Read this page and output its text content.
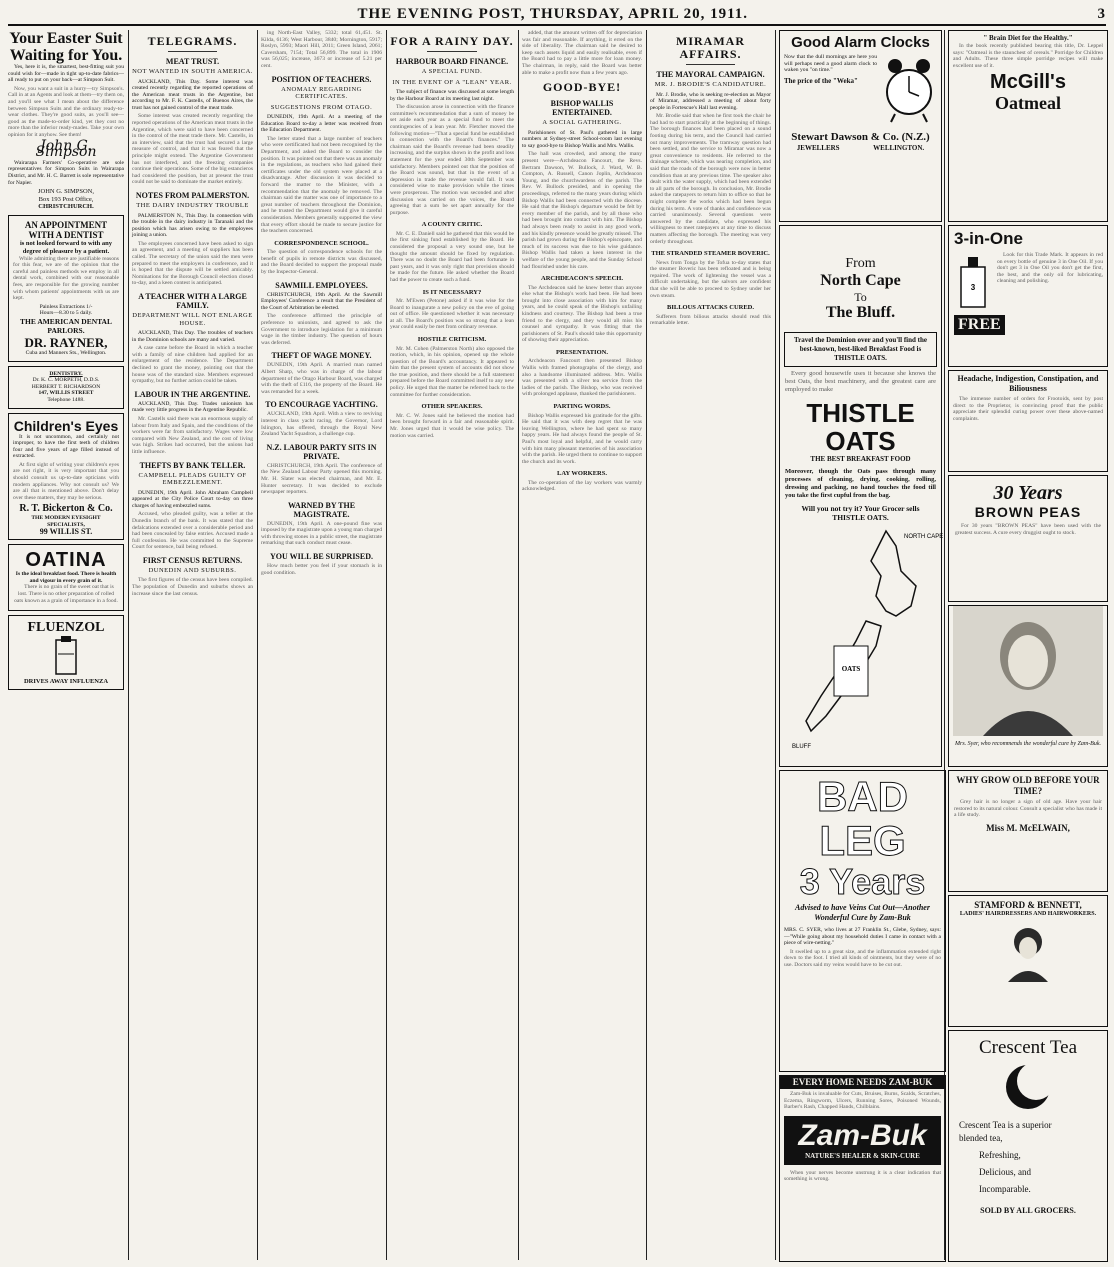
THE EVENING POST, THURSDAY, APRIL 20, 1911.	3
Your Easter Suit
Waiting for You.

Yes, here it is, the smartest, best-fitting suit you could wish for—made in tight up-to-date fabrics—all ready to put on your back—at Simpson Suit.

Now, you want a suit in a hurry—try Simpson's. Call in at an Agents and look at them—try them on, and you'll see what I mean about the difference between Simpson Suits and the ordinary ready-to-wear clothes. They're good suits, as you'll see—good as the made-to-order kind, yet they cost no more than the inferior ready-mades. Take your own opinion for it anyhow. See them!

John G. Simpson

Wairarapa Farmers' Co-operative are sole representatives for Simpson Suits in Wairarapa District, and Mr. H. C. Barrett is sole representative for Napier.

JOHN G. SIMPSON,
Box 193 Post Office,
CHRISTCHURCH.
AN APPOINTMENT WITH A DENTIST
is not looked forward to with any degree of pleasure by a patient.

While admitting there are justifiable reasons for this fear, we are of the opinion that the careful and painless methods we employ in all dental work, combined with our reasonable fees, are responsible for the growing number with whom patients' appointments with us are kept.

Painless Extractions 1/-
Hours—8.30 to 5 daily.
THE AMERICAN DENTAL PARLORS.
DR. RAYNER,
Cuba and Manners Sts., Wellington.
DENTISTRY.
Dr. K. C. MORPETH, D.D.S.
HERBERT T. RICHARDSON
147, WILLIS STREET
Telephone 1488.
Children's Eyes

It is not uncommon, and certainly not improper, to have the first teeth of children four and five years of age filled instead of extracted.

At first sight of writing your children's eyes are not right, it is very important that you should consult us up-to-date opticians with modern appliances. Why not consult us? We are all that is mentioned above. Don't delay over these matters, they may be serious.

R. T. Bickerton & Co.
THE MODERN EYESIGHT SPECIALISTS,
99 WILLIS ST.
OATINA
Is the ideal breakfast food. There is health and vigour in every grain of it.

There is no grain of the sweet oat that is lost. There is no other preparation of rolled oats known as a grain of importance in a food.

FLUENZOL
DRIVES AWAY INFLUENZA
TELEGRAMS.
MEAT TRUST.
NOT WANTED IN SOUTH AMERICA.

AUCKLAND, This Day. Some interest was created recently regarding the reported operations of the American meat trusts in the Argentine, but according to Mr. F. K. Castells, of Buenos Aires, the trust has not gained control of the meat trade.

Some interest was created recently regarding the reported operations of the American meat trusts in the Argentine, which were said to have been concerned in the control of the meat trade there. Mr. Castells, in an interview, said that the trust had secured a large measure of control, and that it was feared that the principle might extend. The Argentine Government has not interfered, and the freezing companies continue their operations. Some of the big estancieros had considered the position, but at present the trust could not be said to dominate the market entirely.

NOTES FROM PALMERSTON.
THE DAIRY INDUSTRY TROUBLE

PALMERSTON N., This Day. In connection with the trouble in the dairy industry in Taranaki and the position which has arisen owing to the employees joining a union.

The employees concerned have been asked to sign an agreement, and a meeting of suppliers has been called. The secretary of the union said the men were prepared to meet the employers in conference, and it is hoped that the dispute will be settled amicably. Nominations for the Borough Council election closed to-day, and a keen contest is anticipated.

A TEACHER WITH A LARGE FAMILY.
DEPARTMENT WILL NOT ENLARGE HOUSE.

AUCKLAND, This Day. The troubles of teachers in the Dominion schools are many and varied.

A case came before the Board in which a teacher with a family of nine children had applied for an enlargement of the residence. The Department declined to grant the money, pointing out that the house was of the standard size. Members expressed sympathy, but no further action could be taken.

LABOUR IN THE ARGENTINE.

AUCKLAND, This Day. Trades unionism has made very little progress in the Argentine Republic.

Mr. Castells said there was an enormous supply of labour from Italy and Spain, and the conditions of the workers were far from satisfactory. Wages were low compared with New Zealand, and the cost of living was high. Strikes had occurred, but the unions had little influence.

THEFTS BY BANK TELLER.
CAMPBELL PLEADS GUILTY OF EMBEZZLEMENT.

DUNEDIN, 19th April. John Abraham Campbell appeared at the City Police Court to-day on three charges of having embezzled sums.

Accused, who pleaded guilty, was a teller at the Dunedin branch of the bank. It was stated that the defalcations extended over a considerable period and had been concealed by false entries. Accused made a full confession. He was committed to the Supreme Court for sentence, bail being refused.

FIRST CENSUS RETURNS.
DUNEDIN AND SUBURBS.

The first figures of the census have been compiled. The population of Dunedin and suburbs shows an increase since the last census.

ing North-East Valley, 5332; total 61,451. St. Kilda, 6136; West Harbour, 3840; Mornington, 5917; Roslyn, 5993; Maori Hill, 2011; Green Island, 2061; Caversham, 7154; Total 56,899. The total in 1906 was 56,025; increase, 3673 or increase of 5.21 per cent.

POSITION OF TEACHERS.
ANOMALY REGARDING CERTIFICATES.
SUGGESTIONS FROM OTAGO.

DUNEDIN, 19th April. At a meeting of the Education Board to-day a letter was received from the Education Department.

The letter stated that a large number of teachers who were certificated had not been recognised by the Department, and asked the Board to consider the position. It was pointed out that there was an anomaly in the regulations, as teachers who had gained their certificates under the old system were placed at a disadvantage. After discussion it was decided to forward the matter to the Minister, with a recommendation that the anomaly be removed. The chairman said the matter was one of importance to a great number of teachers throughout the Dominion, and he trusted the Department would give it careful consideration. Members generally supported the view that every effort should be made to secure justice for the teachers concerned.

CORRESPONDENCE SCHOOL.

The question of correspondence schools for the benefit of pupils in remote districts was discussed, and the Board decided to support the proposal made by the Inspector-General.

SAWMILL EMPLOYEES.

CHRISTCHURCH, 19th April. At the Sawmill Employees' Conference a result that the President of the Court of Arbitration be elected.

The conference affirmed the principle of preference to unionists, and agreed to ask the Government to introduce legislation for a minimum wage in the timber industry. The question of hours was deferred.

THEFT OF WAGE MONEY.

DUNEDIN, 19th April. A married man named Albert Sharp, who was in charge of the labour department of the Otago Harbour Board, was charged with the theft of £116, the property of the Board. He was remanded for a week.

TO ENCOURAGE YACHTING.

AUCKLAND, 19th April. With a view to reviving interest in class yacht racing, the Governor, Lord Islington, has offered, through the Royal New Zealand Yacht Squadron, a challenge cup.

N.Z. LABOUR PARTY SITS IN PRIVATE.

CHRISTCHURCH, 19th April. The conference of the New Zealand Labour Party opened this morning. Mr. H. Slater was elected chairman, and Mr. E. Hunter secretary. It was decided to exclude newspaper reporters.

WARNED BY THE MAGISTRATE.

DUNEDIN, 19th April. A one-pound fine was imposed by the magistrate upon a young man charged with throwing stones in a public street, the magistrate remarking that such conduct must cease.

YOU WILL BE SURPRISED.

How much better you feel if your stomach is in good condition.

FOR A RAINY DAY.
HARBOUR BOARD FINANCE.
A SPECIAL FUND.
IN THE EVENT OF A "LEAN" YEAR.

The subject of finance was discussed at some length by the Harbour Board at its meeting last night.

The discussion arose in connection with the finance committee's recommendation that a sum of money be set aside each year as a special fund to meet the contingencies of a lean year. Mr. Fletcher moved the following motion—"That a special fund be established in connection with the Board's finances." The chairman said the Board's revenue had been steadily increasing, and the surplus shown in the profit and loss statement for the year ended 30th September was satisfactory. Members pointed out that the position of the Board was sound, but that in the event of a depression in trade the revenue would fall. It was considered wise to make provision while the times were prosperous. The motion was seconded and after discussion was carried on the voices, the Board agreeing that a sum be set apart annually for the purpose.

A COUNTY CRITIC.

Mr. C. E. Daniell said he gathered that this would be the first sinking fund established by the Board. He considered the proposal a very sound one, but he thought the amount should be fixed by regulation. There was no doubt the Board had been fortunate in past years, and it was only right that provision should be made for the future. He asked whether the Board had the power to create such a fund.

IS IT NECESSARY?

Mr. M'Ewen (Petone) asked if it was wise for the Board to inaugurate a new policy on the eve of going out of office. He questioned whether it was necessary at all. The Board's position was so strong that a lean year could easily be met from ordinary revenue.

HOSTILE CRITICISM.

Mr. M. Cohen (Palmerston North) also opposed the motion, which, in his opinion, opened up the whole question of the Board's accountancy. It appeared to him that the present system of accounts did not show the true position, and there should be a full statement prepared before the Board committed itself to any new policy. He urged that the matter be referred back to the committee for further consideration.

OTHER SPEAKERS.

Mr. C. W. Jones said he believed the motion had been brought forward in a fair and reasonable spirit. Mr. Jones urged that it would be wise policy. The motion was carried.

added, that the amount written off for depreciation was fair and reasonable. If anything, it erred on the side of liberality. The chairman said he desired to keep such assets liquid and easily realisable, even if the Board had to pay a little more for loan money. The chairman, in reply, said the Board was better able to make a profit now than a few years ago.

GOOD-BYE!
BISHOP WALLIS ENTERTAINED.
A SOCIAL GATHERING.

Parishioners of St. Paul's gathered in large numbers at Sydney-street School-room last evening to say good-bye to Bishop Wallis and Mrs. Wallis.

The hall was crowded, and among the many present were—Archdeacon Fancourt, the Revs. Bertram Dawson, W. Bullock, J. Ward, W. B. Compton, A. Russell, Canon Joplin, Archdeacon Young, and the churchwardens of the parish. The Rev. W. Bullock presided, and in opening the proceedings, referred to the many years during which Bishop Wallis had been connected with the diocese. He said that the Bishop's departure would be felt by every member of the parish, and by all those who had been brought into contact with him. The Bishop had always been ready to assist in any good work, and his kindly presence would be greatly missed. The parish had grown during the Bishop's episcopate, and much of its success was due to his wise guidance. Bishop Wallis had taken a keen interest in the welfare of the young people, and the Sunday School had flourished under his care.

ARCHDEACON'S SPEECH.

The Archdeacon said he knew better than anyone else what the Bishop's work had been. He had been brought into close association with him for many years, and he could speak of the Bishop's unfailing kindness and courtesy. The Bishop had been a true friend to the clergy, and they would all miss his counsel and sympathy. It was fitting that the parishioners of St. Paul's should take this opportunity of showing their appreciation.

PRESENTATION.

Archdeacon Fancourt then presented Bishop Wallis with framed photographs of the clergy, and also a handsome illuminated address. Mrs. Wallis was presented with a silver tea service from the ladies of the parish. The Bishop, who was received with prolonged applause, thanked the parishioners.

PARTING WORDS.

Bishop Wallis expressed his gratitude for the gifts. He said that it was with deep regret that he was leaving Wellington, where he had spent so many happy years. He had always found the people of St. Paul's most loyal and helpful, and he would carry with him many pleasant memories of his association with the parish. He urged them to continue to support the church and its work.

LAY WORKERS.

The co-operation of the lay workers was warmly acknowledged.

MIRAMAR AFFAIRS.
THE MAYORAL CAMPAIGN.
MR. J. BRODIE'S CANDIDATURE.

Mr. J. Brodie, who is seeking re-election as Mayor of Miramar, addressed a meeting of about forty people in Fortescue's Hall last evening.

Mr. Brodie said that when he first took the chair he had had to start practically at the beginning of things. The borough finances had been placed on a sound footing during his term, and the Council had carried out many improvements. The tramway question had been settled, and the service to Miramar was now a great convenience to residents. He referred to the drainage scheme, which was nearing completion, and said that the roads of the borough were now in better condition than at any previous time. The speaker also dealt with the water supply, which had been extended to all parts of the borough. In conclusion, Mr. Brodie asked the ratepayers to return him to office so that he might complete the works which had been begun during his term. A vote of thanks and confidence was carried unanimously. Several questions were answered by the candidate, who expressed his willingness to meet ratepayers at any time to discuss matters affecting the borough. The meeting was very orderly throughout.

THE STRANDED STEAMER BOVERIC.

News from Tonga by the Tofua to-day states that the steamer Boveric has been refloated and is being repaired. The work of lightening the vessel was a difficult undertaking, but the salvors are confident that she will be able to proceed to Sydney under her own steam.

BILLOUS ATTACKS CURED.

Sufferers from bilious attacks should read this remarkable letter.

Good Alarm Clocks
Now that the dull mornings are here you will perhaps need a good alarm clock to waken you "on time."
The price of the "Weka"
Stewart Dawson & Co. (N.Z.)
JEWELLERS	WELLINGTON.
" Brain Diet for the Healthy."

In the book recently published bearing this title, Dr. Leppel says: "Oatmeal is the staunchest of cereals." Porridge for Children and Adults. These three simple porridge recipes will make excellent use of it.

McGill's
Oatmeal
From
North Cape
To
The Bluff.
Travel the Dominion over and you'll find the best-known, best-liked Breakfast Food is THISTLE OATS.

Every good housewife uses it because she knows the best Oats, the best machinery, and the greatest care are employed to make

THISTLE OATS
THE BEST BREAKFAST FOOD
Moreover, though the Oats pass through many processes of cleaning, drying, cooking, rolling, dressing and packing, no hand touches the food till you take the first cupful from the bag.
Will you not try it? Your Grocer sells THISTLE OATS.
OATS
NORTH CAPE
BLUFF
3-in-One
3

Look for this Trade Mark. It appears in red on every bottle of genuine 3 in One Oil. If you don't get 3 in One Oil you don't get the first, the best, and the only oil for lubricating, cleaning and polishing.

FREE
Headache, Indigestion, Constipation, and Biliousness

The immense number of orders for Frootoids, sent by post direct to the Proprietor, is convincing proof that the public appreciate their splendid curing power over these above-named complaints.

30 Years
BROWN PEAS

For 30 years "BROWN PEAS" have been used with the greatest success. A cure every druggist ought to stock.

BAD LEG
3 Years
Advised to have Veins Cut Out—Another Wonderful Cure by Zam-Buk
MRS. C. SYER, who lives at 27 Franklin St., Glebe, Sydney, says:—"While going about my household duties I came in contact with a piece of wire-netting."

It swelled up to a great size, and the inflammation extended right down to the foot. I tried all kinds of ointments, but they were of no use. Doctors said my veins would have to be cut out.

Mrs. Syer, who recommends the wonderful cure by Zam-Buk.
WHY GROW OLD BEFORE YOUR TIME?

Grey hair is no longer a sign of old age. Have your hair restored to its natural colour. Consult a specialist who has made it a life study.

Miss M. McELWAIN,
STAMFORD & BENNETT,
LADIES' HAIRDRESSERS AND HAIRWORKERS.
EVERY HOME NEEDS ZAM-BUK

Zam-Buk is invaluable for Cuts, Bruises, Burns, Scalds, Scratches, Eczema, Ringworm, Ulcers, Running Sores, Poisoned Wounds, Barber's Rash, Chapped Hands, Chilblains.

Zam-Buk
NATURE'S HEALER & SKIN-CURE

When your nerves become unstrung it is a clear indication that something is wrong.

Crescent Tea
Crescent Tea is a superior
blended tea,
Refreshing,
Delicious, and
Incomparable.
SOLD BY ALL GROCERS.
